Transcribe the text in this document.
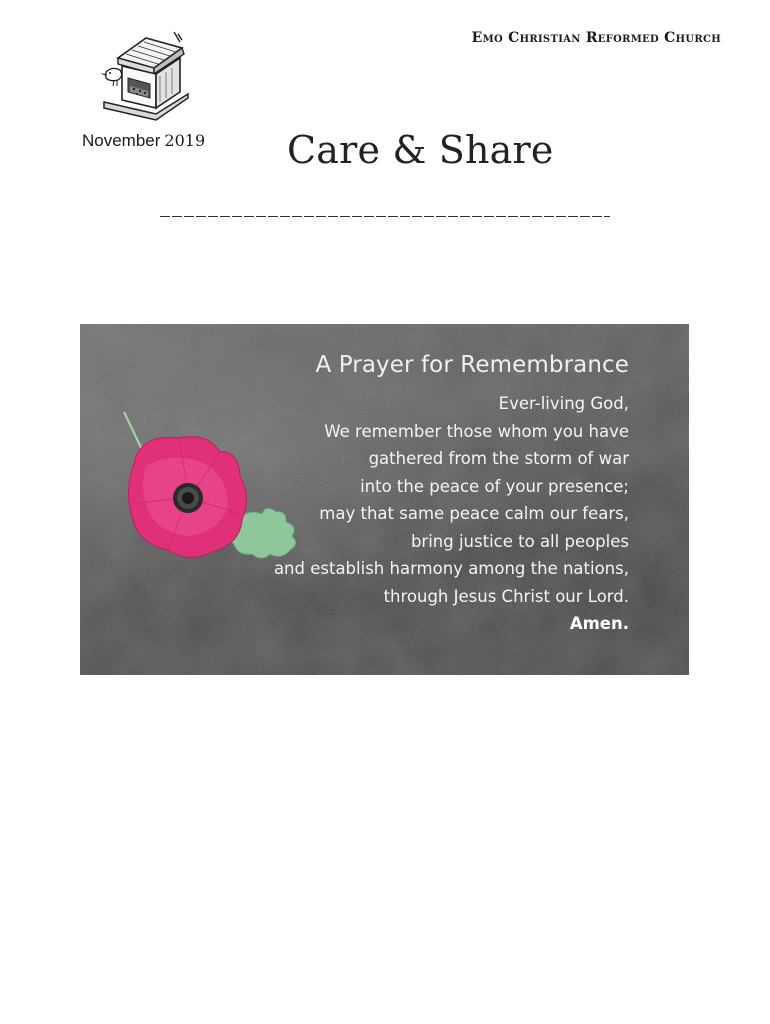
Emo Christian Reformed Church
November 2019 Care & Share
A Prayer for Remembrance
Ever-living God,
We remember those whom you have
gathered from the storm of war
into the peace of your presence;
may that same peace calm our fears,
bring justice to all peoples
and establish harmony among the nations,
through Jesus Christ our Lord.
Amen.
